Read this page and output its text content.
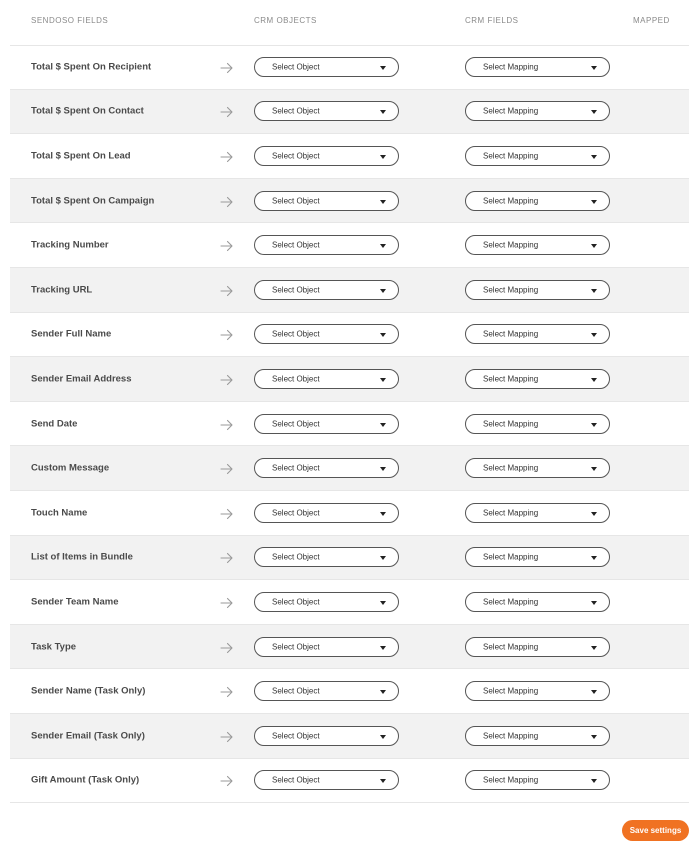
SENDOSO FIELDS	CRM OBJECTS	CRM FIELDS	MAPPED
Total $ Spent On Recipient	Select Object	Select Mapping
Total $ Spent On Contact	Select Object	Select Mapping
Total $ Spent On Lead	Select Object	Select Mapping
Total $ Spent On Campaign	Select Object	Select Mapping
Tracking Number	Select Object	Select Mapping
Tracking URL	Select Object	Select Mapping
Sender Full Name	Select Object	Select Mapping
Sender Email Address	Select Object	Select Mapping
Send Date	Select Object	Select Mapping
Custom Message	Select Object	Select Mapping
Touch Name	Select Object	Select Mapping
List of Items in Bundle	Select Object	Select Mapping
Sender Team Name	Select Object	Select Mapping
Task Type	Select Object	Select Mapping
Sender Name (Task Only)	Select Object	Select Mapping
Sender Email (Task Only)	Select Object	Select Mapping
Gift Amount (Task Only)	Select Object	Select Mapping
Save settings
